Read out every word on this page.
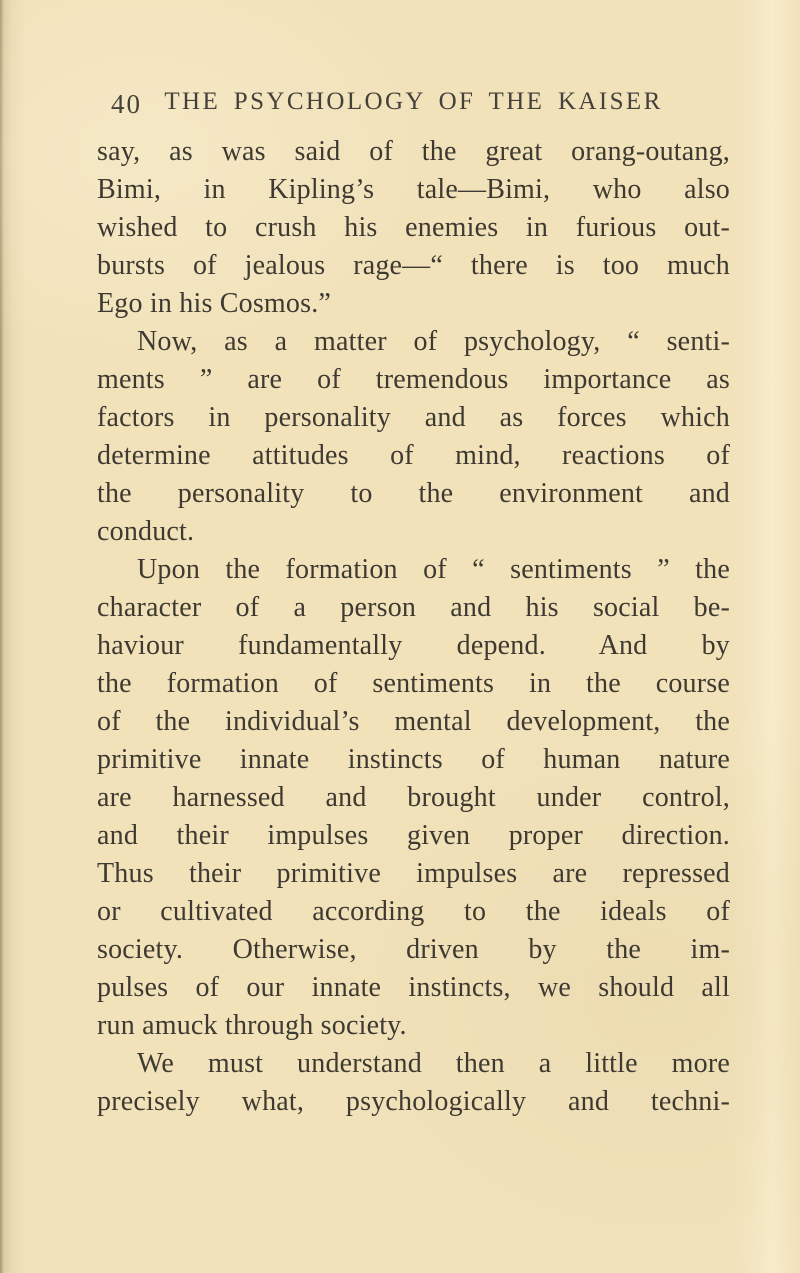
40 THE PSYCHOLOGY OF THE KAISER
say, as was said of the great orang-outang,
Bimi, in Kipling’s tale—Bimi, who also
wished to crush his enemies in furious out-
bursts of jealous rage—“ there is too much
Ego in his Cosmos.”
Now, as a matter of psychology, “ senti-
ments ” are of tremendous importance as
factors in personality and as forces which
determine attitudes of mind, reactions of
the personality to the environment and
conduct.
Upon the formation of “ sentiments ” the
character of a person and his social be-
haviour fundamentally depend. And by
the formation of sentiments in the course
of the individual’s mental development, the
primitive innate instincts of human nature
are harnessed and brought under control,
and their impulses given proper direction.
Thus their primitive impulses are repressed
or cultivated according to the ideals of
society. Otherwise, driven by the im-
pulses of our innate instincts, we should all
run amuck through society.
We must understand then a little more
precisely what, psychologically and techni-
